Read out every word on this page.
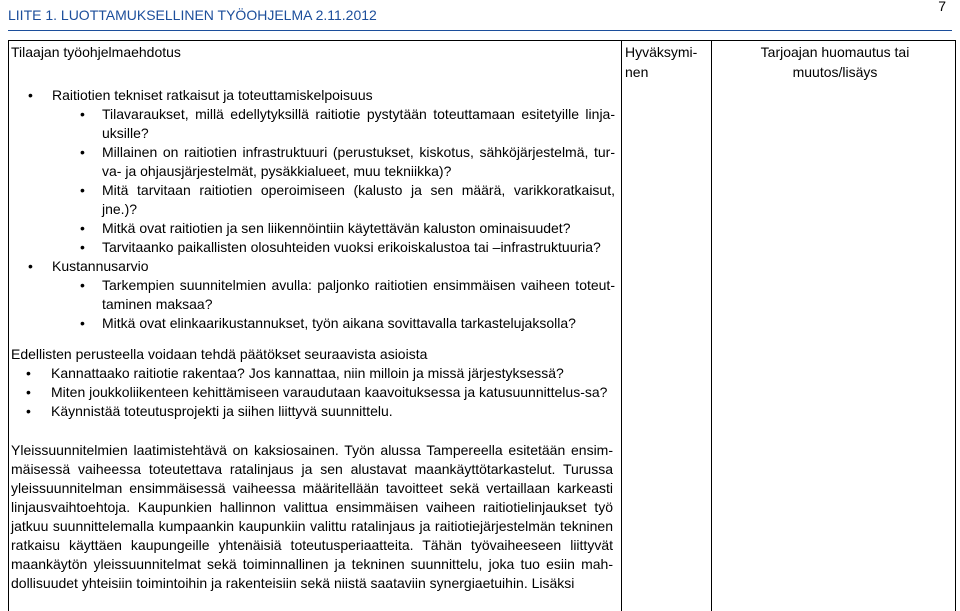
LIITE 1. LUOTTAMUKSELLINEN TYÖOHJELMA 2.11.2012
7
Tilaajan työohjelmaehdotus	Hyväksymi-nen
Tarjoajan huomautus tai
muutos/lisäys
• Raitiotien tekniset ratkaisut ja toteuttamiskelpoisuus
• Tilavaraukset, millä edellytyksillä raitiotie pystytään toteuttamaan esitetyille linja-uksille?
• Millainen on raitiotien infrastruktuuri (perustukset, kiskotus, sähköjärjestelmä, tur-va- ja ohjausjärjestelmät, pysäkkialueet, muu tekniikka)?
• Mitä tarvitaan raitiotien operoimiseen (kalusto ja sen määrä, varikkoratkaisut, jne.)?
• Mitkä ovat raitiotien ja sen liikennöintiin käytettävän kaluston ominaisuudet?
• Tarvitaanko paikallisten olosuhteiden vuoksi erikoiskalustoa tai –infrastruktuuria?
• Kustannusarvio
• Tarkempien suunnitelmien avulla: paljonko raitiotien ensimmäisen vaiheen toteut-taminen maksaa?
• Mitkä ovat elinkaarikustannukset, työn aikana sovittavalla tarkastelujaksolla?
Edellisten perusteella voidaan tehdä päätökset seuraavista asioista
• Kannattaako raitiotie rakentaa? Jos kannattaa, niin milloin ja missä järjestyksessä?
• Miten joukkoliikenteen kehittämiseen varaudutaan kaavoituksessa ja katusuunnittelus-sa?
• Käynnistää toteutusprojekti ja siihen liittyvä suunnittelu.
Yleissuunnitelmien laatimistehtävä on kaksiosainen. Työn alussa Tampereella esitetään ensim-mäisessä vaiheessa toteutettava ratalinjaus ja sen alustavat maankäyttötarkastelut. Turussa yleissuunnitelman ensimmäisessä vaiheessa määritellään tavoitteet sekä vertaillaan karkeasti linjausvaihtoehtoja. Kaupunkien hallinnon valittua ensimmäisen vaiheen raitiotielinjaukset työ jatkuu suunnittelemalla kumpaankin kaupunkiin valittu ratalinjaus ja raitiotiejärjestelmän tekninen ratkaisu käyttäen kaupungeille yhtenäisiä toteutusperiaatteita. Tähän työvaiheeseen liittyvät maankäytön yleissuunnitelmat sekä toiminnallinen ja tekninen suunnittelu, joka tuo esiin mah-dollisuudet yhteisiin toimintoihin ja rakenteisiin sekä niistä saataviin synergiaetuihin. Lisäksi
